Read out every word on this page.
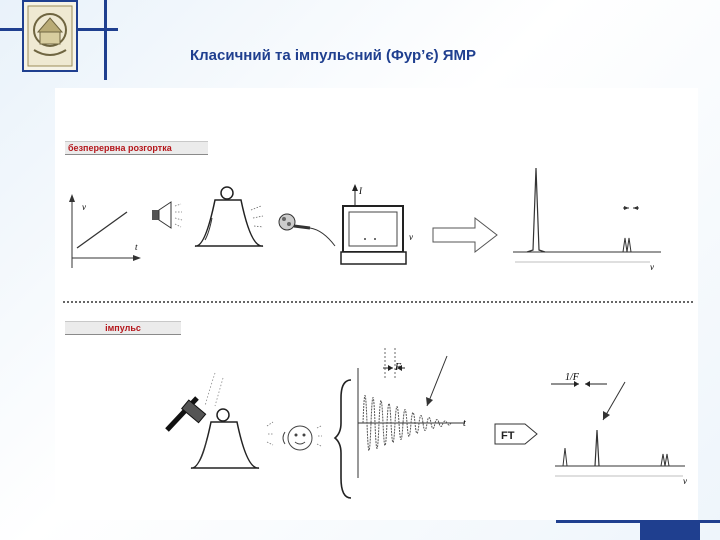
Класичний та імпульсний (Фур’є) ЯМР
безперервна розгортка
імпульс
ν
t
I
ν
ν
F
t
FT
1/F
ν
